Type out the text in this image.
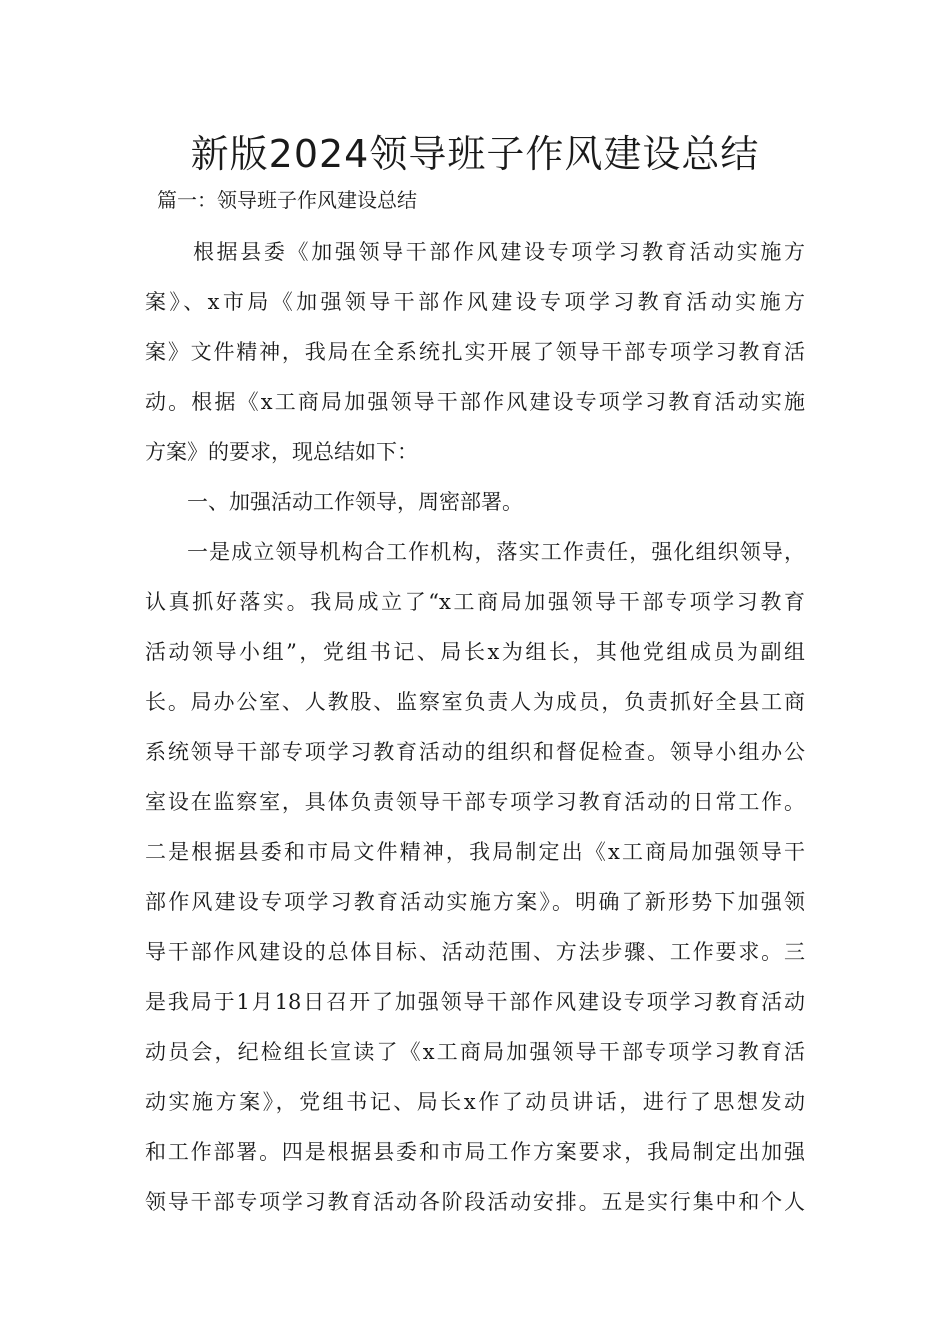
新版2024领导班子作风建设总结

篇一：领导班子作风建设总结

根据县委《加强领导干部作风建设专项学习教育活动实施方
案》、x市局《加强领导干部作风建设专项学习教育活动实施方
案》文件精神，我局在全系统扎实开展了领导干部专项学习教育活
动。根据《x工商局加强领导干部作风建设专项学习教育活动实施
方案》的要求，现总结如下：
一、加强活动工作领导，周密部署。
一是成立领导机构合工作机构，落实工作责任，强化组织领导，
认真抓好落实。我局成立了“x工商局加强领导干部专项学习教育
活动领导小组”，党组书记、局长x为组长，其他党组成员为副组
长。局办公室、人教股、监察室负责人为成员，负责抓好全县工商
系统领导干部专项学习教育活动的组织和督促检查。领导小组办公
室设在监察室，具体负责领导干部专项学习教育活动的日常工作。
二是根据县委和市局文件精神，我局制定出《x工商局加强领导干
部作风建设专项学习教育活动实施方案》。明确了新形势下加强领
导干部作风建设的总体目标、活动范围、方法步骤、工作要求。三
是我局于1月18日召开了加强领导干部作风建设专项学习教育活动
动员会，纪检组长宣读了《x工商局加强领导干部专项学习教育活
动实施方案》，党组书记、局长x作了动员讲话，进行了思想发动
和工作部署。四是根据县委和市局工作方案要求，我局制定出加强
领导干部专项学习教育活动各阶段活动安排。五是实行集中和个人
